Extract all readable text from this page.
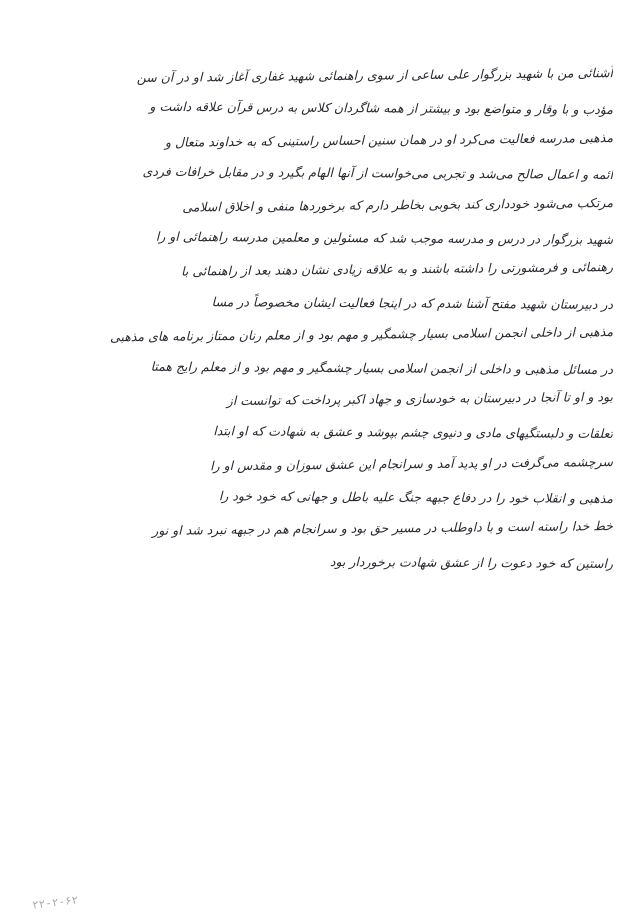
آشنائی من با شهید بزرگوار علی ساعی از سوی راهنمائی شهید غفاری آغاز شد او در آن سن
مؤدب و با وقار و متواضع بود و بیشتر از همه شاگردان کلاس به درس قرآن علاقه داشت و
مذهبی مدرسه فعالیت می‌کرد او در همان سنین احساس راستینی که به خداوند متعال و
ائمه و اعمال صالح می‌شد و تجربی می‌خواست از آنها الهام بگیرد و در مقابل خرافات فردی
مرتکب می‌شود خودداری کند بخوبی بخاطر دارم که برخوردها منفی و اخلاق اسلامی
شهید بزرگوار در درس و مدرسه موجب شد که مسئولین و معلمین مدرسه راهنمائی او را
رهنمائی و فرمشورتی را داشته باشند و به علاقه زیادی نشان دهند بعد از راهنمائی با
در دبیرستان شهید مفتح آشنا شدم که در اینجا فعالیت ایشان مخصوصاً در مسا
مذهبی از داخلی انجمن اسلامی بسیار چشمگیر و مهم بود و از معلم رنان ممتاز برنامه های مذهبی
در مسائل مذهبی و داخلی از انجمن اسلامی بسیار چشمگیر و مهم بود و از معلم رایج همتا
بود و او تا آنجا در دبیرستان به خودسازی و جهاد اکبر پرداخت که توانست از
تعلقات و دلبستگیهای مادی و دنیوی چشم بپوشد و عشق به شهادت که او ابتدا
سرچشمه می‌گرفت در او پدید آمد و سرانجام این عشق سوزان و مقدس او را
مذهبی و انقلاب خود را در دفاع جبهه جنگ علیه باطل و جهانی که خود خود را
خط خدا راسته است و با داوطلب در مسیر حق بود و سرانجام هم در جبهه نبرد شد او نور
راستین که خود دعوت را از عشق شهادت برخوردار بود
۲۲-۲-۶۲
